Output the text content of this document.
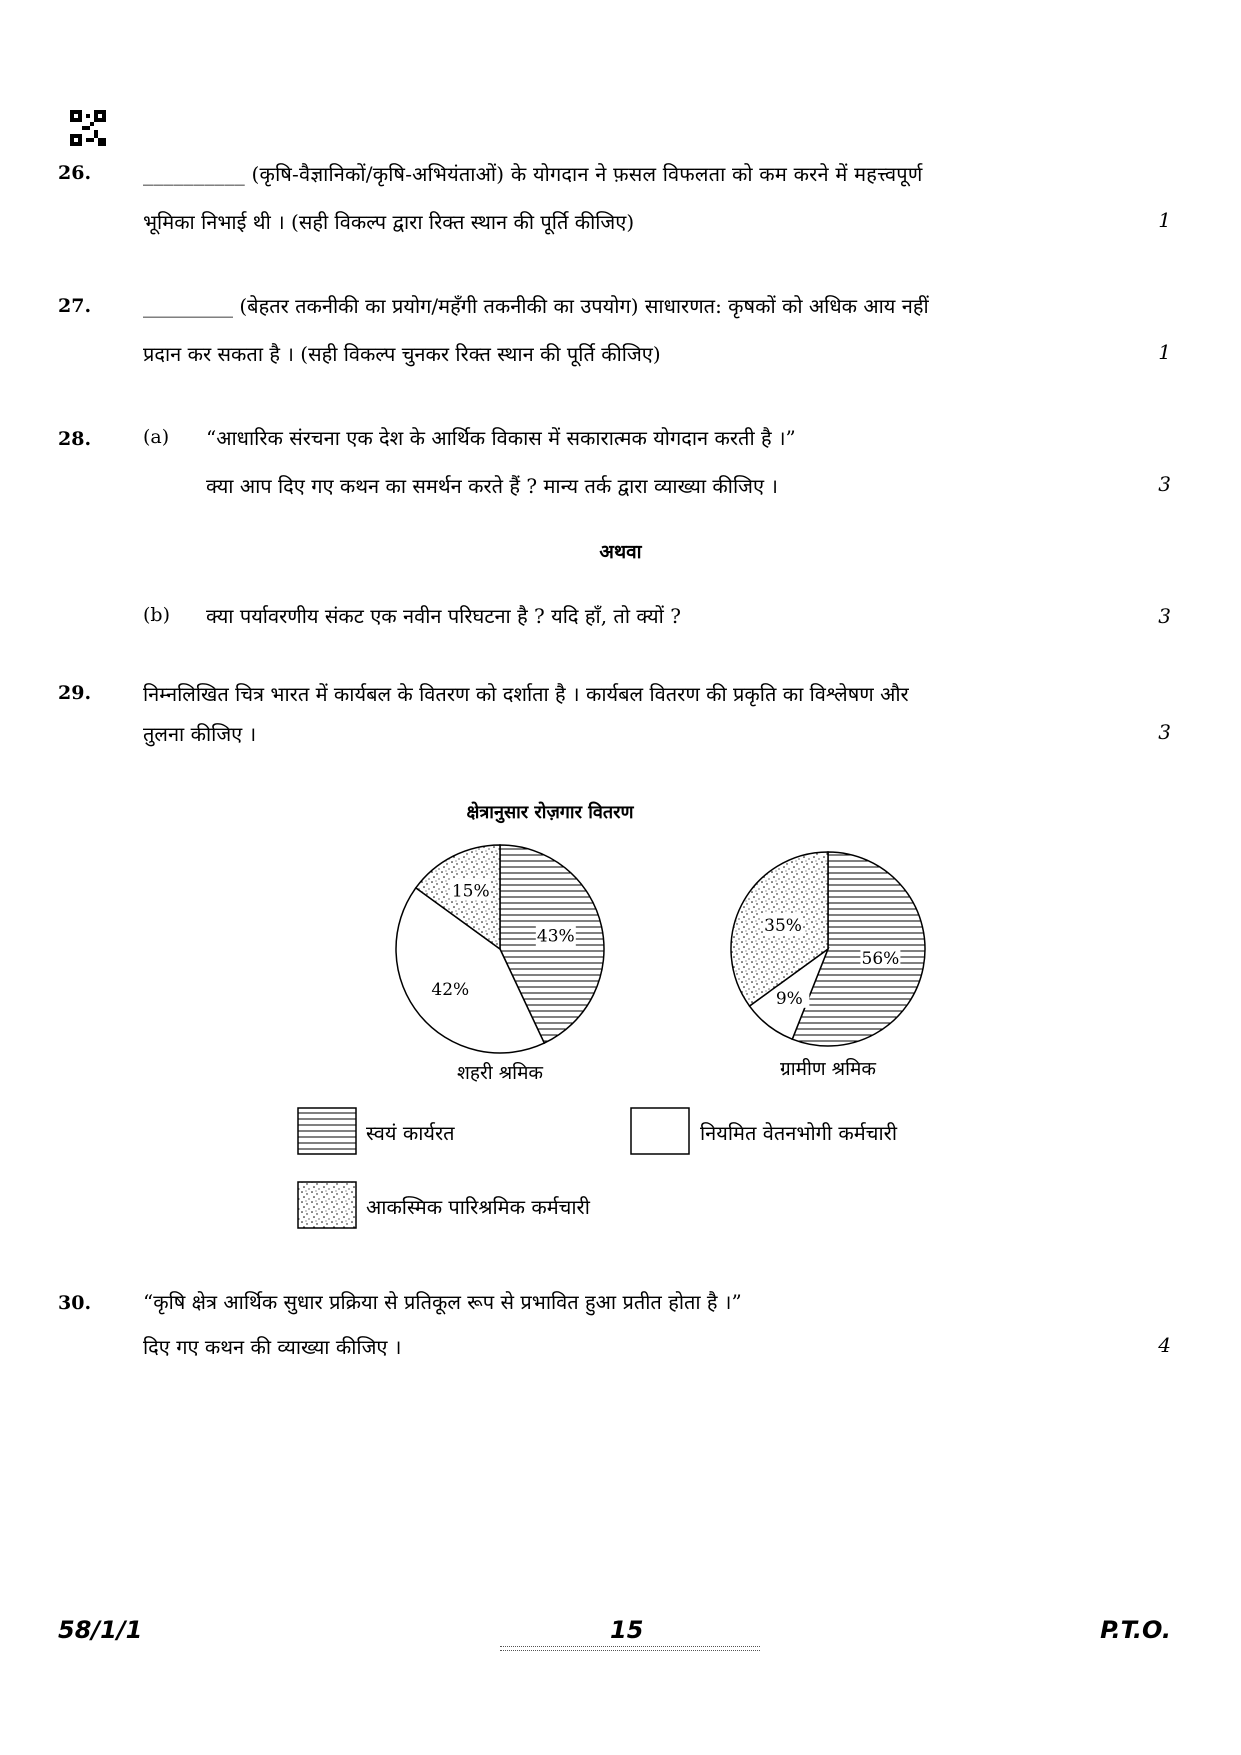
26.	__________ (कृषि-वैज्ञानिकों/कृषि-अभियंताओं) के योगदान ने फ़सल विफलता को कम करने में महत्त्वपूर्ण
भूमिका निभाई थी । (सही विकल्प द्वारा रिक्त स्थान की पूर्ति कीजिए)	1
27.	_________ (बेहतर तकनीकी का प्रयोग/महँगी तकनीकी का उपयोग) साधारणत: कृषकों को अधिक आय नहीं
प्रदान कर सकता है । (सही विकल्प चुनकर रिक्त स्थान की पूर्ति कीजिए)	1
28.	(a) “आधारिक संरचना एक देश के आर्थिक विकास में सकारात्मक योगदान करती है ।”
क्या आप दिए गए कथन का समर्थन करते हैं ? मान्य तर्क द्वारा व्याख्या कीजिए ।	3
अथवा
(b) क्या पर्यावरणीय संकट एक नवीन परिघटना है ? यदि हाँ, तो क्यों ?	3
29.	निम्नलिखित चित्र भारत में कार्यबल के वितरण को दर्शाता है । कार्यबल वितरण की प्रकृति का विश्लेषण और
तुलना कीजिए ।	3
क्षेत्रानुसार रोज़गार वितरण
43%
42%
15%
56%
9%
35%
शहरी श्रमिक	ग्रामीण श्रमिक
स्वयं कार्यरत	नियमित वेतनभोगी कर्मचारी
आकस्मिक पारिश्रमिक कर्मचारी
30.	“कृषि क्षेत्र आर्थिक सुधार प्रक्रिया से प्रतिकूल रूप से प्रभावित हुआ प्रतीत होता है ।”
दिए गए कथन की व्याख्या कीजिए ।	4
58/1/1	15	P.T.O.
